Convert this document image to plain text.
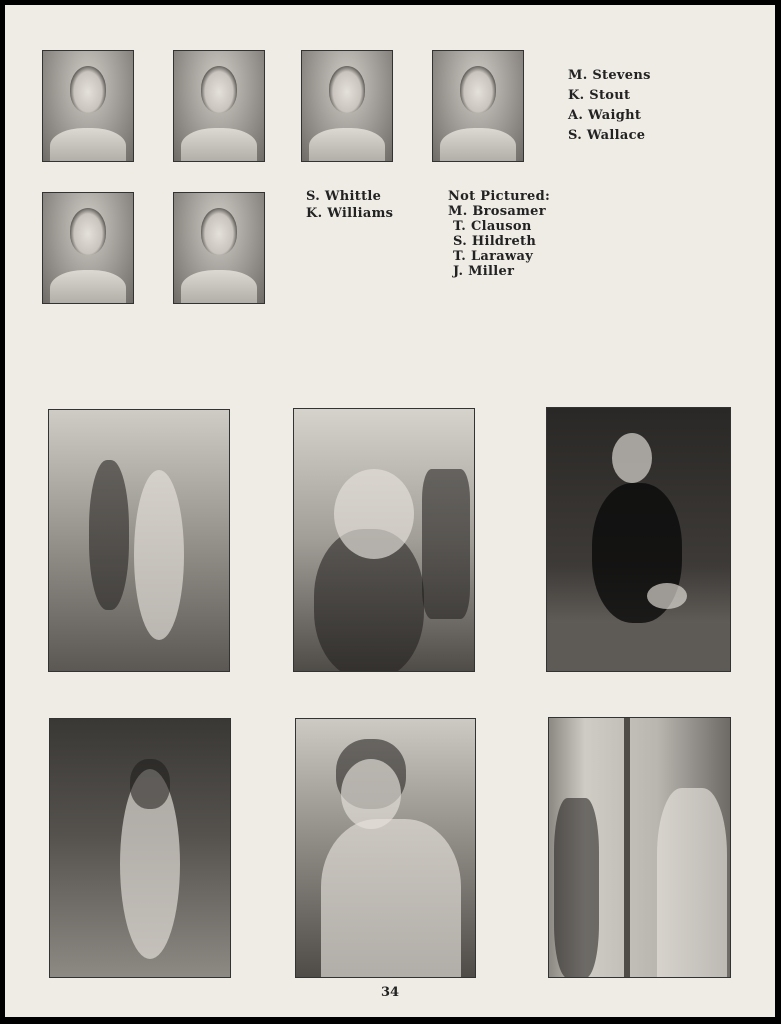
M. Stevens
K. Stout
A. Waight
S. Wallace
S. Whittle
K. Williams
Not Pictured:
M. Brosamer
T. Clauson
S. Hildreth
T. Laraway
J. Miller
34
